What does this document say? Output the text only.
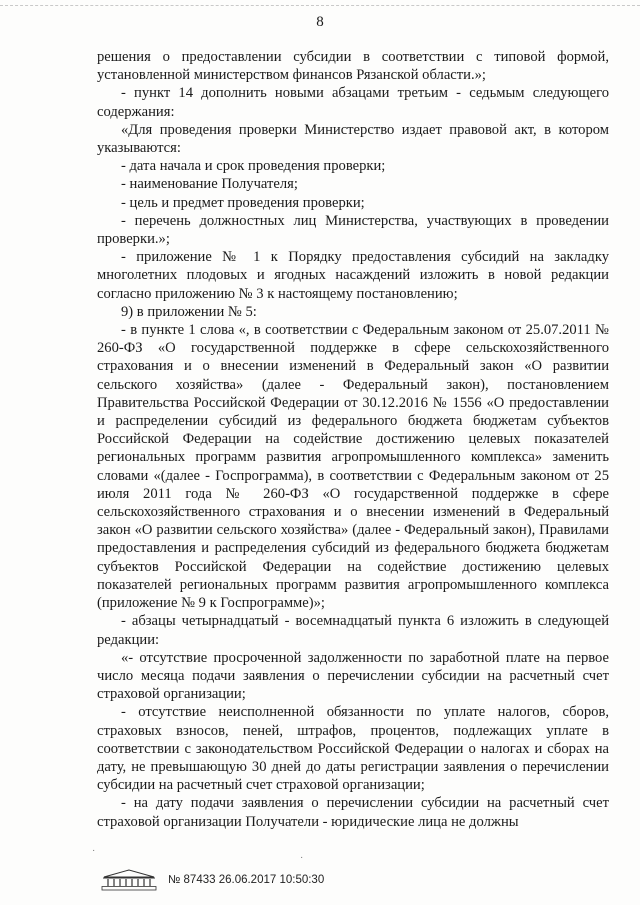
8

решения о предоставлении субсидии в соответствии с типовой формой, установленной министерством финансов Рязанской области.»;

- пункт 14 дополнить новыми абзацами третьим - седьмым следующего содержания:

«Для проведения проверки Министерство издает правовой акт, в котором указываются:

- дата начала и срок проведения проверки;

- наименование Получателя;

- цель и предмет проведения проверки;

- перечень должностных лиц Министерства, участвующих в проведении проверки.»;

- приложение № 1 к Порядку предоставления субсидий на закладку многолетних плодовых и ягодных насаждений изложить в новой редакции согласно приложению № 3 к настоящему постановлению;

9) в приложении № 5:

- в пункте 1 слова «, в соответствии с Федеральным законом от 25.07.2011 № 260-ФЗ «О государственной поддержке в сфере сельскохозяйственного страхования и о внесении изменений в Федеральный закон «О развитии сельского хозяйства» (далее - Федеральный закон), постановлением Правительства Российской Федерации от 30.12.2016 № 1556 «О предоставлении и распределении субсидий из федерального бюджета бюджетам субъектов Российской Федерации на содействие достижению целевых показателей региональных программ развития агропромышленного комплекса» заменить словами «(далее - Госпрограмма), в соответствии с Федеральным законом от 25 июля 2011 года № 260-ФЗ «О государственной поддержке в сфере сельскохозяйственного страхования и о внесении изменений в Федеральный закон «О развитии сельского хозяйства» (далее - Федеральный закон), Правилами предоставления и распределения субсидий из федерального бюджета бюджетам субъектов Российской Федерации на содействие достижению целевых показателей региональных программ развития агропромышленного комплекса (приложение № 9 к Госпрограмме)»;

- абзацы четырнадцатый - восемнадцатый пункта 6 изложить в следующей редакции:

«- отсутствие просроченной задолженности по заработной плате на первое число месяца подачи заявления о перечислении субсидии на расчетный счет страховой организации;

- отсутствие неисполненной обязанности по уплате налогов, сборов, страховых взносов, пеней, штрафов, процентов, подлежащих уплате в соответствии с законодательством Российской Федерации о налогах и сборах на дату, не превышающую 30 дней до даты регистрации заявления о перечислении субсидии на расчетный счет страховой организации;

- на дату подачи заявления о перечислении субсидии на расчетный счет страховой организации Получатели - юридические лица не должны

·
·
№ 87433 26.06.2017 10:50:30
